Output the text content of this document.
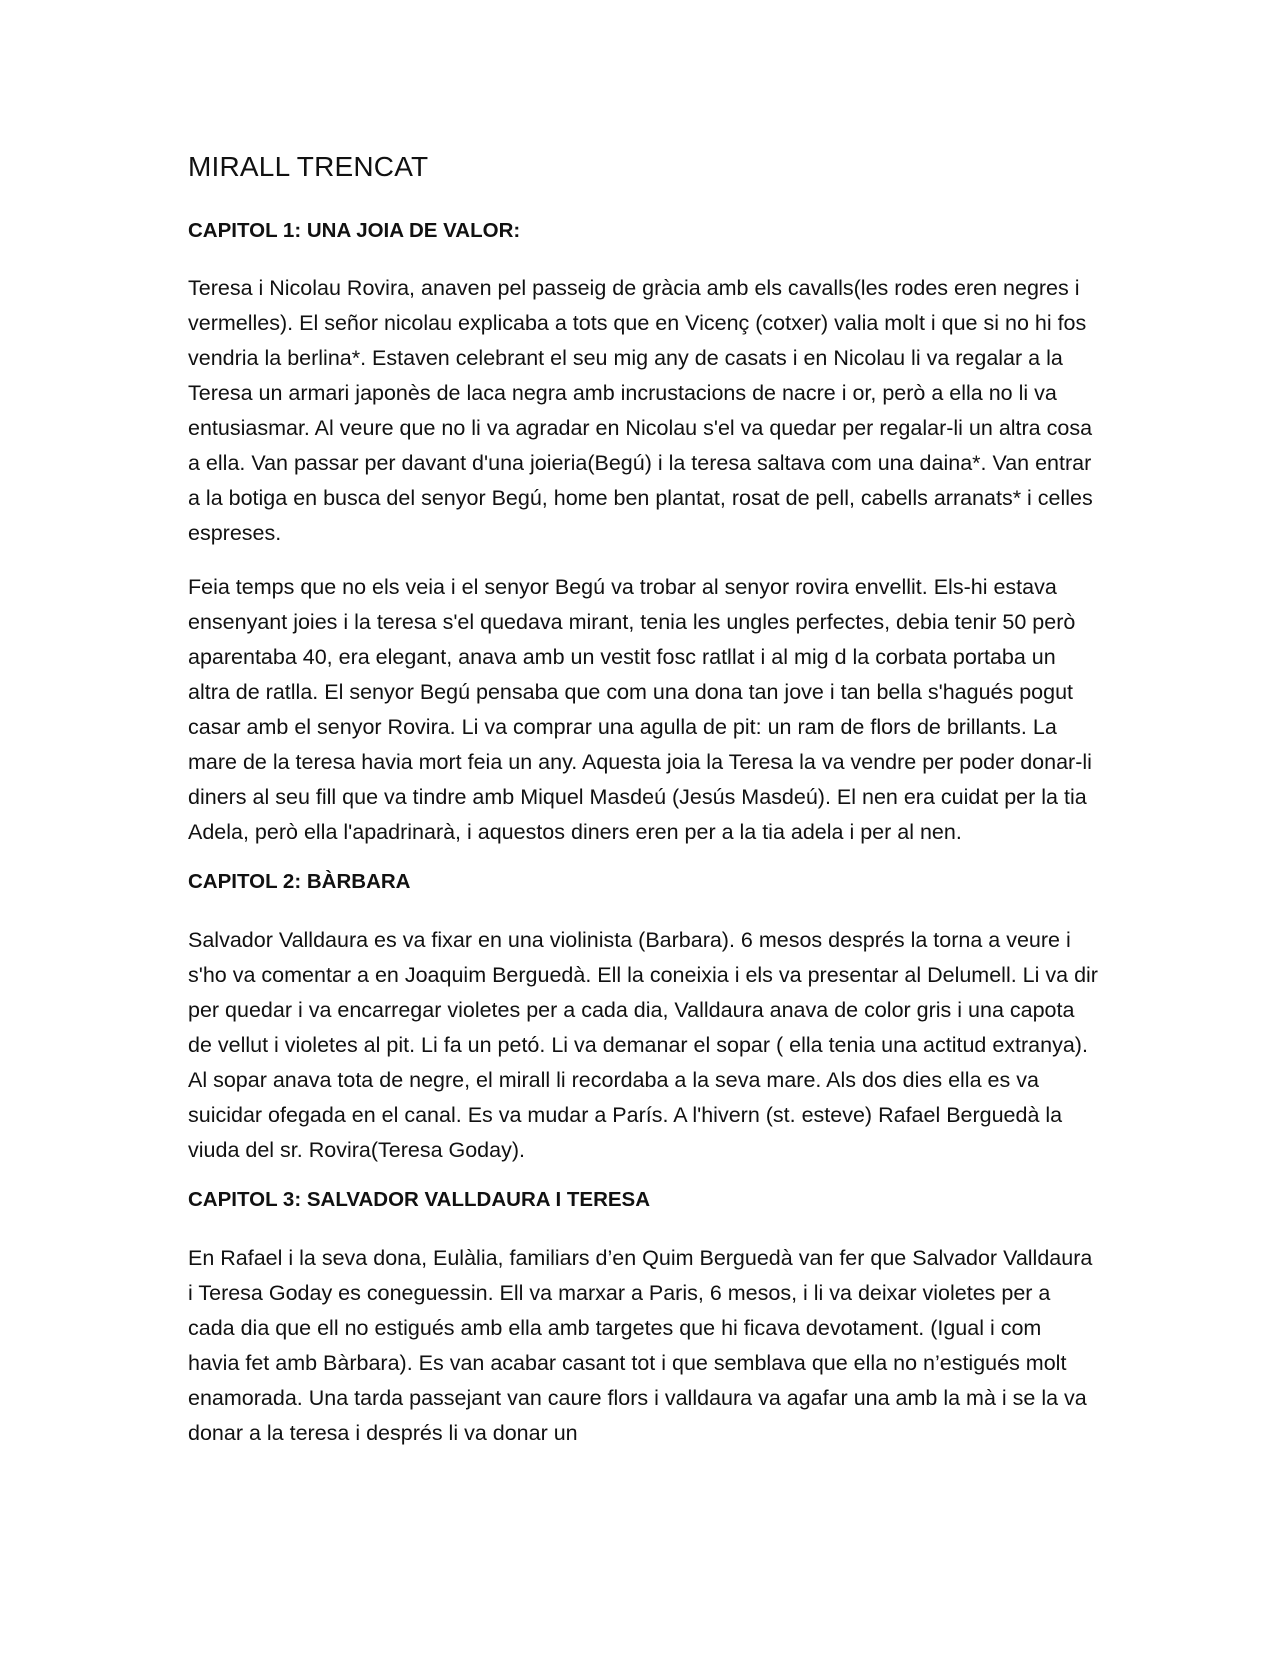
MIRALL TRENCAT
CAPITOL 1: UNA JOIA DE VALOR:

Teresa i Nicolau Rovira, anaven pel passeig de gràcia amb els cavalls(les rodes eren negres i vermelles). El señor nicolau explicaba a tots que en Vicenç (cotxer) valia molt i que si no hi fos vendria la berlina*. Estaven celebrant el seu mig any de casats i en Nicolau li va regalar a la Teresa un armari japonès de laca negra amb incrustacions de nacre i or, però a ella no li va entusiasmar. Al veure que no li va agradar en Nicolau s'el va quedar per regalar-li un altra cosa a ella. Van passar per davant d'una joieria(Begú) i la teresa saltava com una daina*. Van entrar a la botiga en busca del senyor Begú, home ben plantat, rosat de pell, cabells arranats* i celles espreses.

Feia temps que no els veia i el senyor Begú va trobar al senyor rovira envellit. Els-hi estava ensenyant joies i la teresa s'el quedava mirant, tenia les ungles perfectes, debia tenir 50 però aparentaba 40, era elegant, anava amb un vestit fosc ratllat i al mig d la corbata portaba un altra de ratlla. El senyor Begú pensaba que com una dona tan jove i tan bella s'hagués pogut casar amb el senyor Rovira. Li va comprar una agulla de pit: un ram de flors de brillants. La mare de la teresa havia mort feia un any. Aquesta joia la Teresa la va vendre per poder donar-li diners al seu fill que va tindre amb Miquel Masdeú (Jesús Masdeú). El nen era cuidat per la tia Adela, però ella l'apadrinarà, i aquestos diners eren per a la tia adela i per al nen.

CAPITOL 2: BÀRBARA

Salvador Valldaura es va fixar en una violinista (Barbara). 6 mesos després la torna a veure i s'ho va comentar a en Joaquim Berguedà. Ell la coneixia i els va presentar al Delumell. Li va dir per quedar i va encarregar violetes per a cada dia, Valldaura anava de color gris i una capota de vellut i violetes al pit. Li fa un petó. Li va demanar el sopar ( ella tenia una actitud extranya). Al sopar anava tota de negre, el mirall li recordaba a la seva mare. Als dos dies ella es va suicidar ofegada en el canal. Es va mudar a París. A l'hivern (st. esteve) Rafael Berguedà la viuda del sr. Rovira(Teresa Goday).

CAPITOL 3: SALVADOR VALLDAURA I TERESA

En Rafael i la seva dona, Eulàlia, familiars d’en Quim Berguedà van fer que Salvador Valldaura i Teresa Goday es coneguessin. Ell va marxar a Paris, 6 mesos, i li va deixar violetes per a cada dia que ell no estigués amb ella amb targetes que hi ficava devotament. (Igual i com havia fet amb Bàrbara). Es van acabar casant tot i que semblava que ella no n’estigués molt enamorada. Una tarda passejant van caure flors i valldaura va agafar una amb la mà i se la va donar a la teresa i després li va donar un
